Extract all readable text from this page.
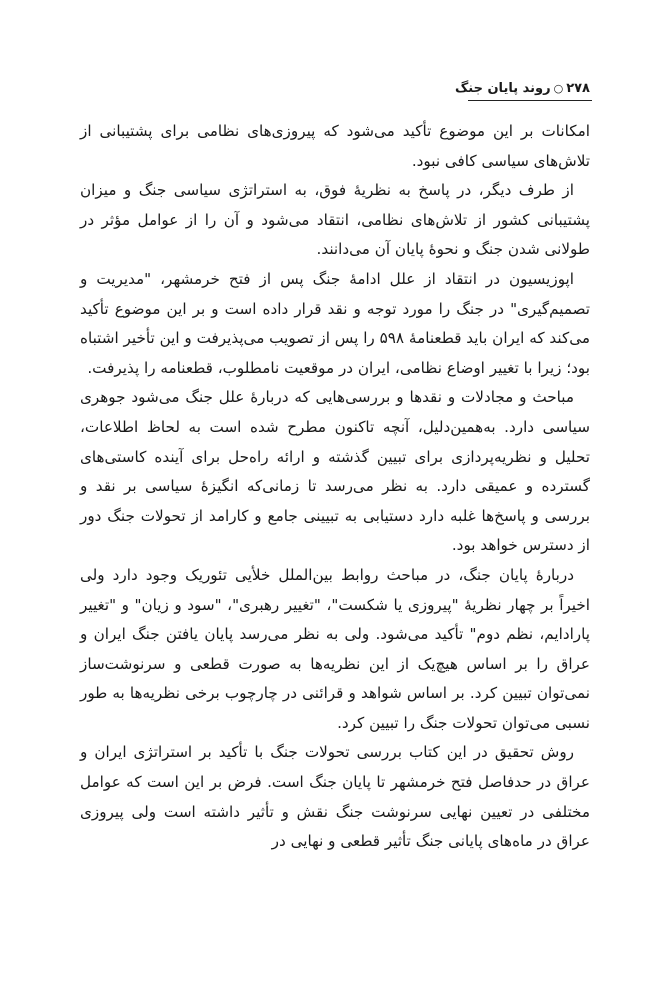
۲۷۸○روند پایان جنگ

امکانات بر این موضوع تأکید می‌شود که پیروزی‌های نظامی برای پشتیبانی از تلاش‌های سیاسی کافی نبود.

از طرف دیگر، در پاسخ به نظریهٔ فوق، به استراتژی سیاسی جنگ و میزان پشتیبانی کشور از تلاش‌های نظامی، انتقاد می‌شود و آن را از عوامل مؤثر در طولانی شدن جنگ و نحوهٔ پایان آن می‌دانند.

اپوزیسیون در انتقاد از علل ادامهٔ جنگ پس از فتح خرمشهر، "مدیریت و تصمیم‌گیری" در جنگ را مورد توجه و نقد قرار داده است و بر این موضوع تأکید می‌کند که ایران باید قطعنامهٔ ۵۹۸ را پس از تصویب می‌پذیرفت و این تأخیر اشتباه بود؛ زیرا با تغییر اوضاع نظامی، ایران در موقعیت نامطلوب، قطعنامه را پذیرفت.

مباحث و مجادلات و نقدها و بررسی‌هایی که دربارهٔ علل جنگ می‌شود جوهری سیاسی دارد. به‌همین‌دلیل، آنچه تاکنون مطرح شده است به لحاظ اطلاعات، تحلیل و نظریه‌پردازی برای تبیین گذشته و ارائه راه‌حل برای آینده کاستی‌های گسترده و عمیقی دارد. به نظر می‌رسد تا زمانی‌که انگیزهٔ سیاسی بر نقد و بررسی و پاسخ‌ها غلبه دارد دستیابی به تبیینی جامع و کارامد از تحولات جنگ دور از دسترس خواهد بود.

دربارهٔ پایان جنگ، در مباحث روابط بین‌الملل خلأیی تئوریک وجود دارد ولی اخیراً بر چهار نظریهٔ "پیروزی یا شکست"، "تغییر رهبری"، "سود و زیان" و "تغییر پارادایم، نظم دوم" تأکید می‌شود. ولی به نظر می‌رسد پایان یافتن جنگ ایران و عراق را بر اساس هیچ‌یک از این نظریه‌ها به صورت قطعی و سرنوشت‌ساز نمی‌توان تبیین کرد. بر اساس شواهد و قرائنی در چارچوب برخی نظریه‌ها به طور نسبی می‌توان تحولات جنگ را تبیین کرد.

روش تحقیق در این کتاب بررسی تحولات جنگ با تأکید بر استراتژی ایران و عراق در حدفاصل فتح خرمشهر تا پایان جنگ است. فرض بر این است که عوامل مختلفی در تعیین نهایی سرنوشت جنگ نقش و تأثیر داشته است ولی پیروزی عراق در ماه‌های پایانی جنگ تأثیر قطعی و نهایی در
